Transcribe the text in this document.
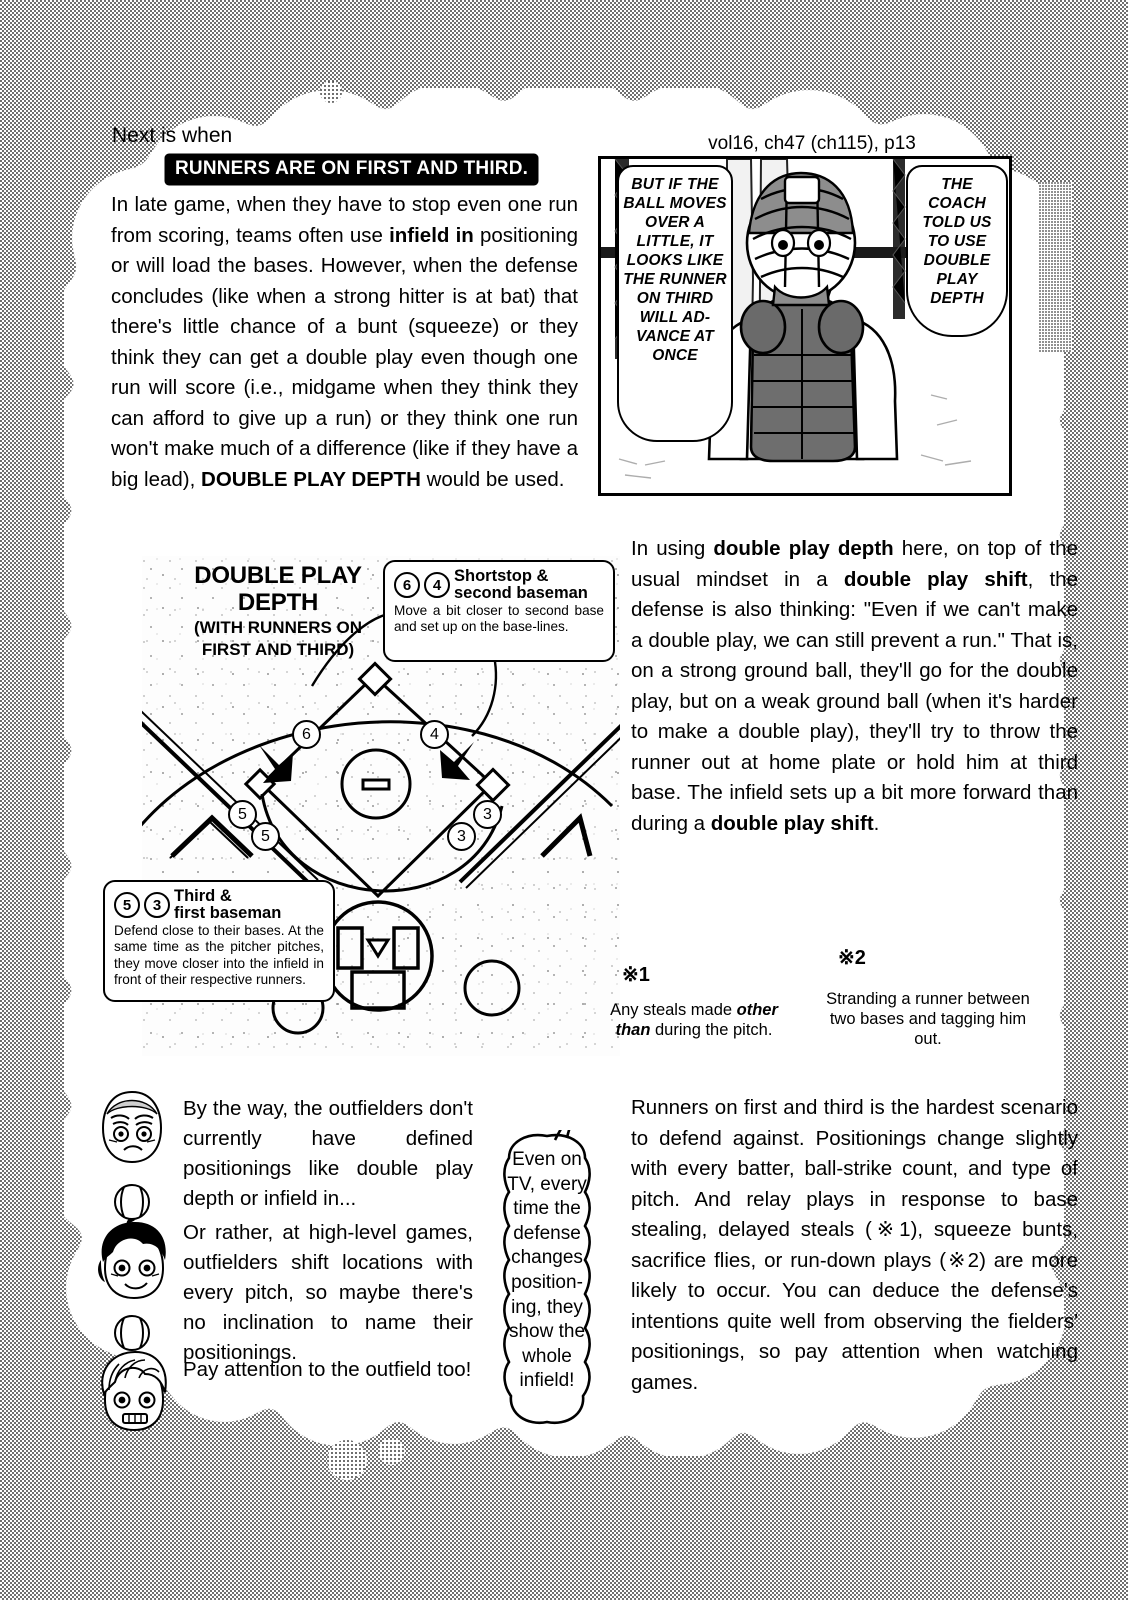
Next is when
RUNNERS ARE ON FIRST AND THIRD.
In late game, when they have to stop even one run from scoring, teams often use infield in positioning or will load the bases. However, when the defense concludes (like when a strong hitter is at bat) that there's little chance of a bunt (squeeze) or they think they can get a double play even though one run will score (i.e., midgame when they think they can afford to give up a run) or they think one run won't make much of a difference (like if they have a big lead), DOUBLE PLAY DEPTH would be used.
vol16, ch47 (ch115), p13
BUT IF THE BALL MOVES OVER A LITTLE, IT LOOKS LIKE THE RUNNER ON THIRD WILL AD-VANCE AT ONCE
THE COACH TOLD US TO USE DOUBLE PLAY DEPTH
DOUBLE PLAY
DEPTH
(WITH RUNNERS ON
FIRST AND THIRD)
6	4
5
5	3
3
6	4 Shortstop &
second baseman
Move a bit closer to second base and set up on the base-lines.
5	3 Third &
first baseman
Defend close to their bases. At the same time as the pitcher pitches, they move closer into the infield in front of their respective runners.
In using double play depth here, on top of the usual mindset in a double play shift, the defense is also thinking: "Even if we can't make a double play, we can still prevent a run." That is, on a strong ground ball, they'll go for the double play, but on a weak ground ball (when it's harder to make a double play), they'll try to throw the runner out at home plate or hold him at third base. The infield sets up a bit more forward than during a double play shift.
※1
Any steals made other than during the pitch.
※2
Stranding a runner between two bases and tagging him out.
By the way, the outfielders don't currently have defined positionings like double play depth or infield in...
Or rather, at high-level games, outfielders shift locations with every pitch, so maybe there's no inclination to name their positionings.
Pay attention to the outfield too!
Even on TV, every time the defense changes position-ing, they show the whole infield!
Runners on first and third is the hardest scenario to defend against. Positionings change slightly with every batter, ball-strike count, and type of pitch. And relay plays in response to base stealing, delayed steals (※1), squeeze bunts, sacrifice flies, or run-down plays (※2) are more likely to occur. You can deduce the defense's intentions quite well from observing the fielders' positionings, so pay attention when watching games.
